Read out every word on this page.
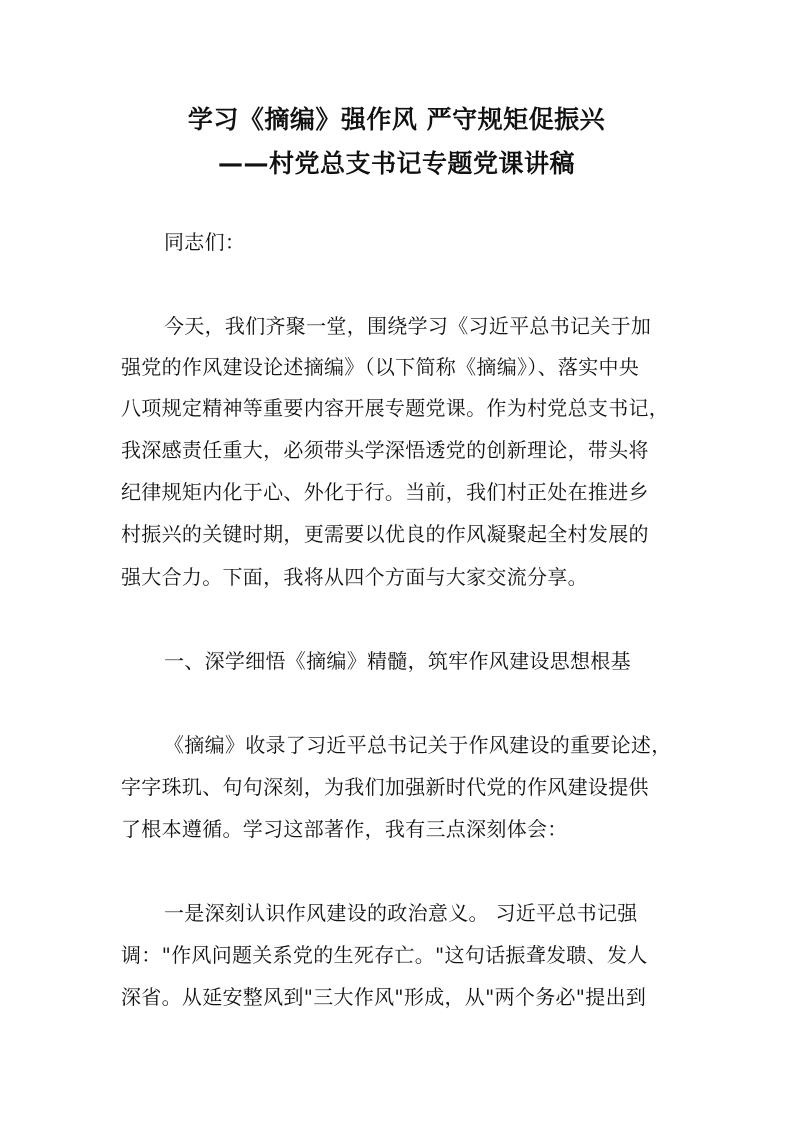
学习《摘编》强作风 严守规矩促振兴
——村党总支书记专题党课讲稿
同志们：
今天，我们齐聚一堂，围绕学习《习近平总书记关于加
强党的作风建设论述摘编》（以下简称《摘编》）、落实中央
八项规定精神等重要内容开展专题党课。作为村党总支书记，
我深感责任重大，必须带头学深悟透党的创新理论，带头将
纪律规矩内化于心、外化于行。当前，我们村正处在推进乡
村振兴的关键时期，更需要以优良的作风凝聚起全村发展的
强大合力。下面，我将从四个方面与大家交流分享。
一、深学细悟《摘编》精髓，筑牢作风建设思想根基
《摘编》收录了习近平总书记关于作风建设的重要论述，
字字珠玑、句句深刻，为我们加强新时代党的作风建设提供
了根本遵循。学习这部著作，我有三点深刻体会：
一是深刻认识作风建设的政治意义。 习近平总书记强
调："作风问题关系党的生死存亡。"这句话振聋发聩、发人
深省。从延安整风到"三大作风"形成，从"两个务必"提出到
